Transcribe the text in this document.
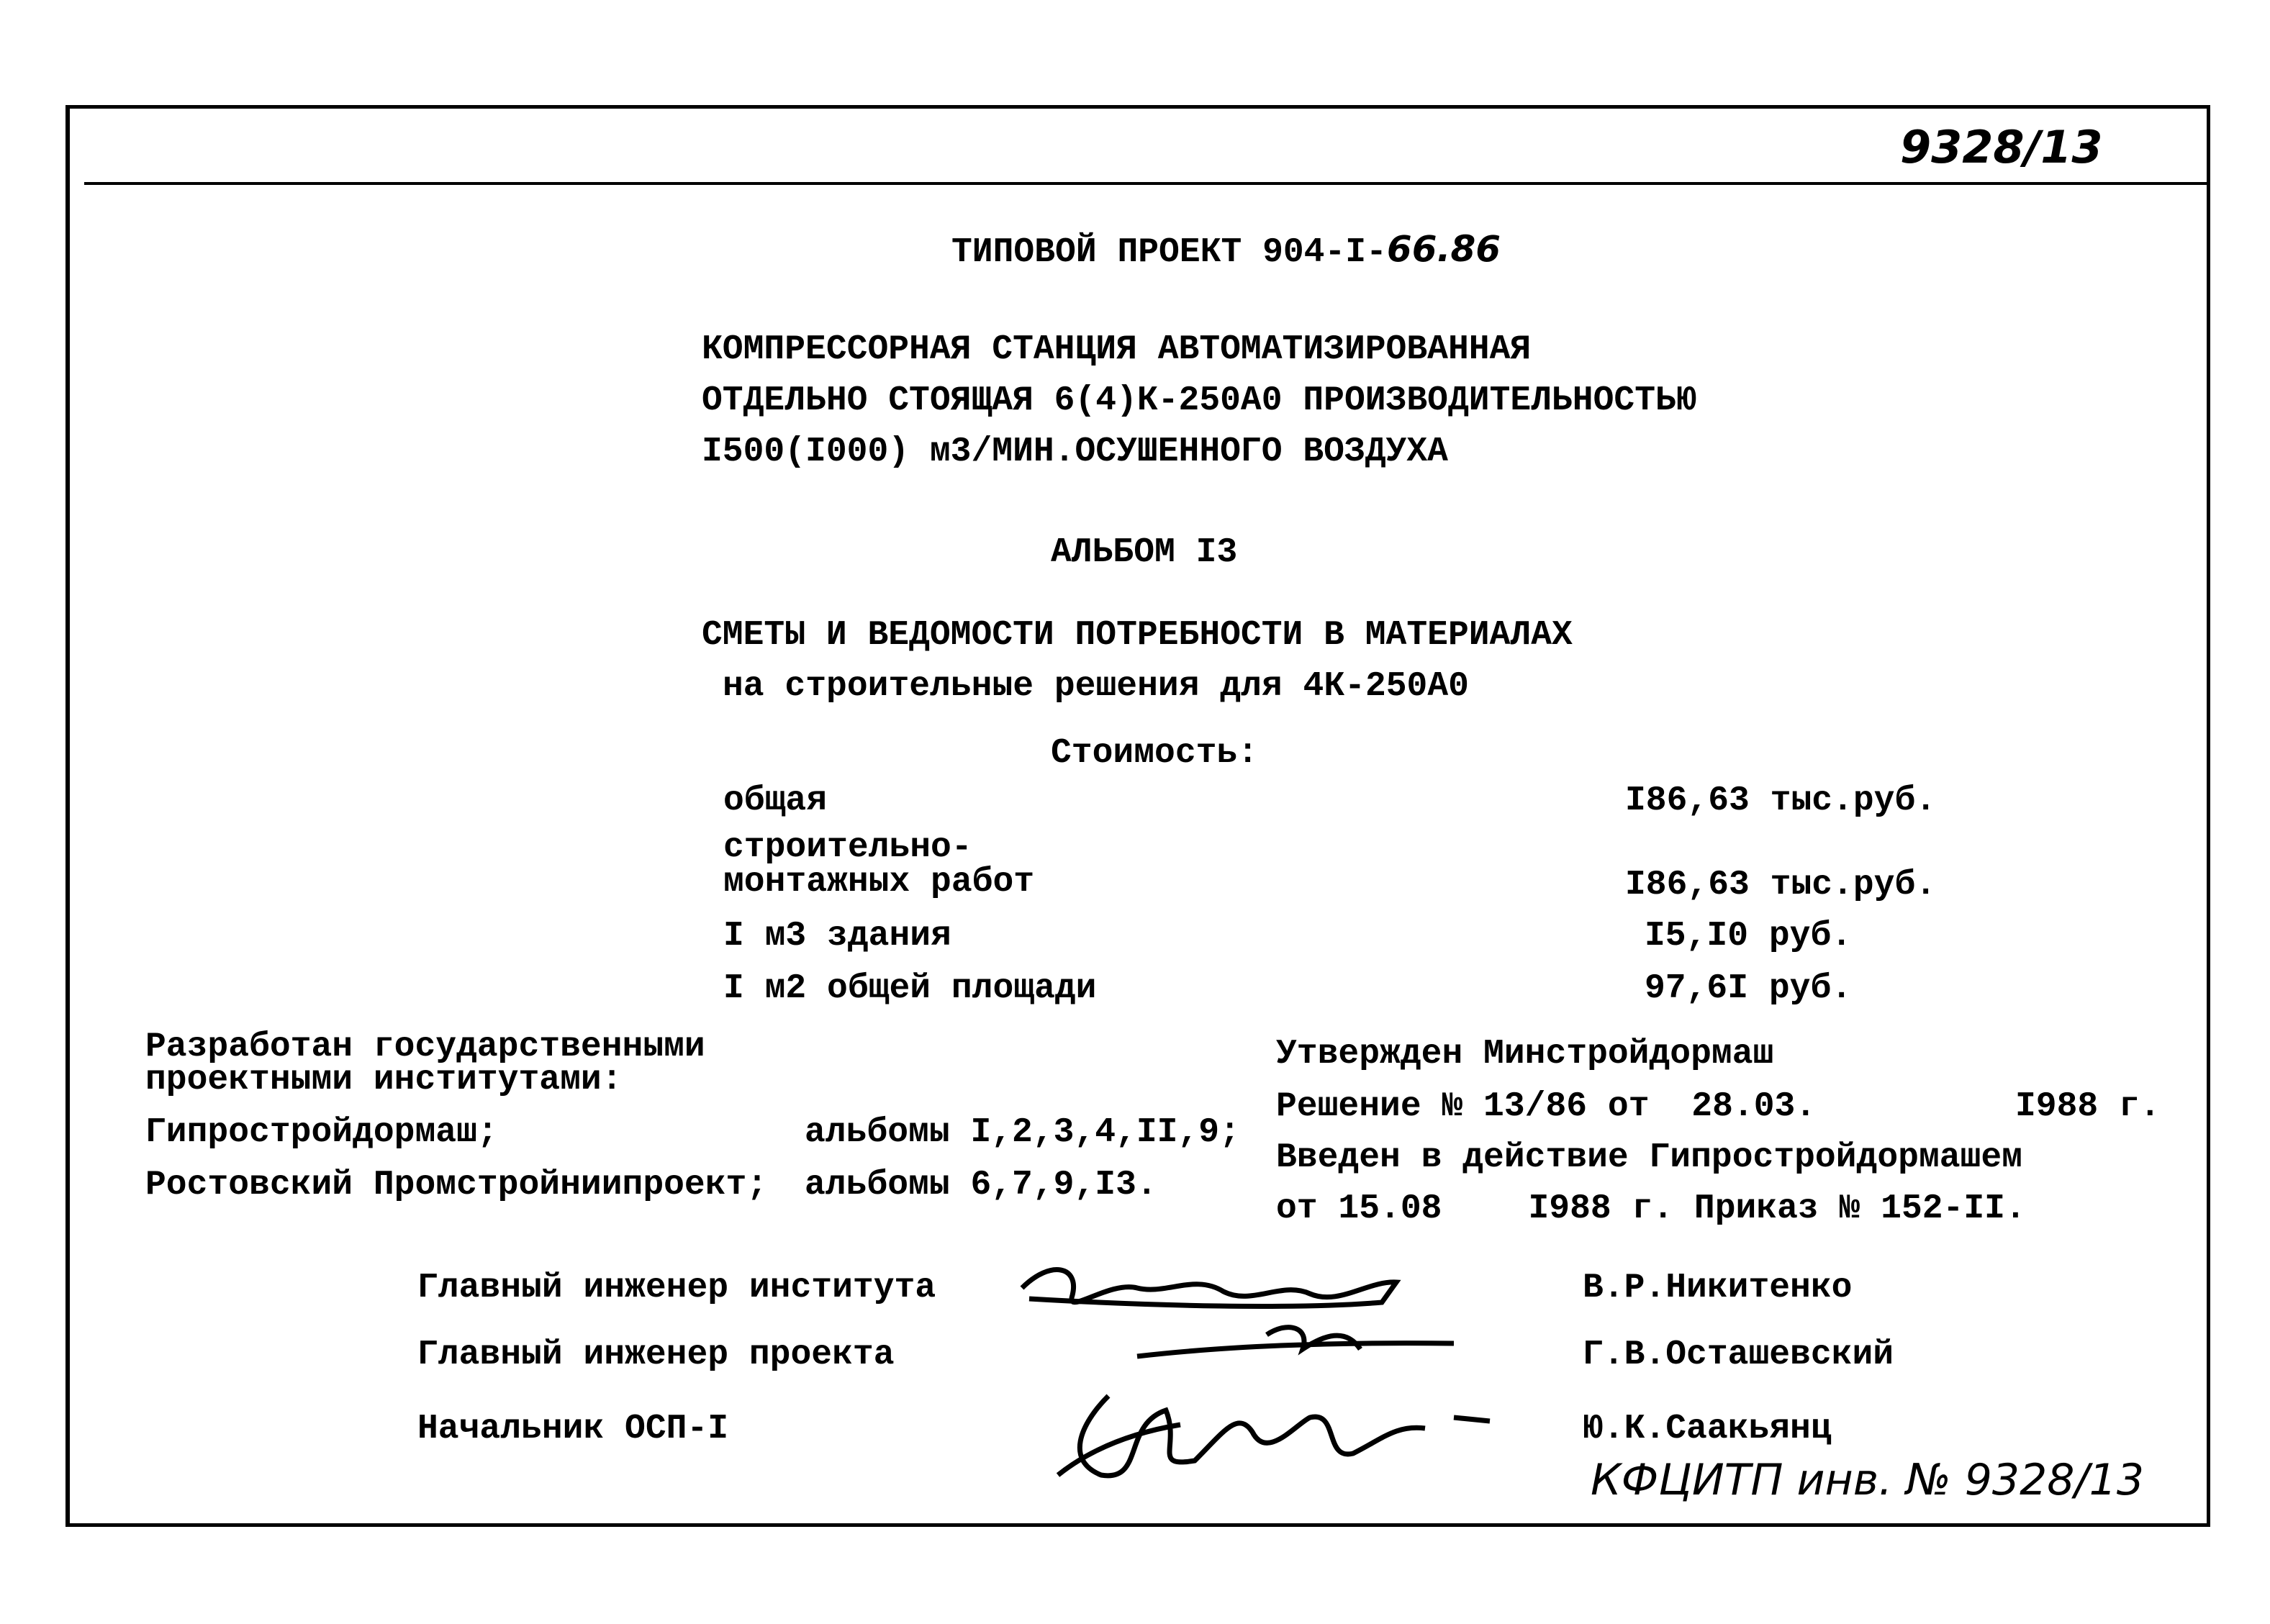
9328/13
ТИПОВОЙ ПРОЕКТ 904-I-66.86
КОМПРЕССОРНАЯ СТАНЦИЯ АВТОМАТИЗИРОВАННАЯ
ОТДЕЛЬНО СТОЯЩАЯ 6(4)К-250А0 ПРОИЗВОДИТЕЛЬНОСТЬЮ
I500(I000) м3/МИН.ОСУШЕННОГО ВОЗДУХА
АЛЬБОМ I3
СМЕТЫ И ВЕДОМОСТИ ПОТРЕБНОСТИ В МАТЕРИАЛАХ
на строительные решения для 4К-250А0
Стоимость:
общая	I86,63 тыс.руб.
строительно-
монтажных работ	I86,63 тыс.руб.
I м3 здания	I5,I0 руб.
I м2 общей площади	97,6I руб.
Разработан государственными
проектными институтами:
Гипростройдормаш;	альбомы I,2,3,4,II,9;
Ростовский Промстройниипроект; альбомы 6,7,9,I3.
Утвержден Минстройдормаш
Решение № 13/86 от 28.03.	I988 г.
Введен в действие Гипростройдормашем
от 15.08	I988 г. Приказ № 152-II.
Главный инженер института	В.Р.Никитенко
Главный инженер проекта	Г.В.Осташевский
Начальник ОСП-I	Ю.К.Саакьянц
КФЦИТП инв. № 9328/13
